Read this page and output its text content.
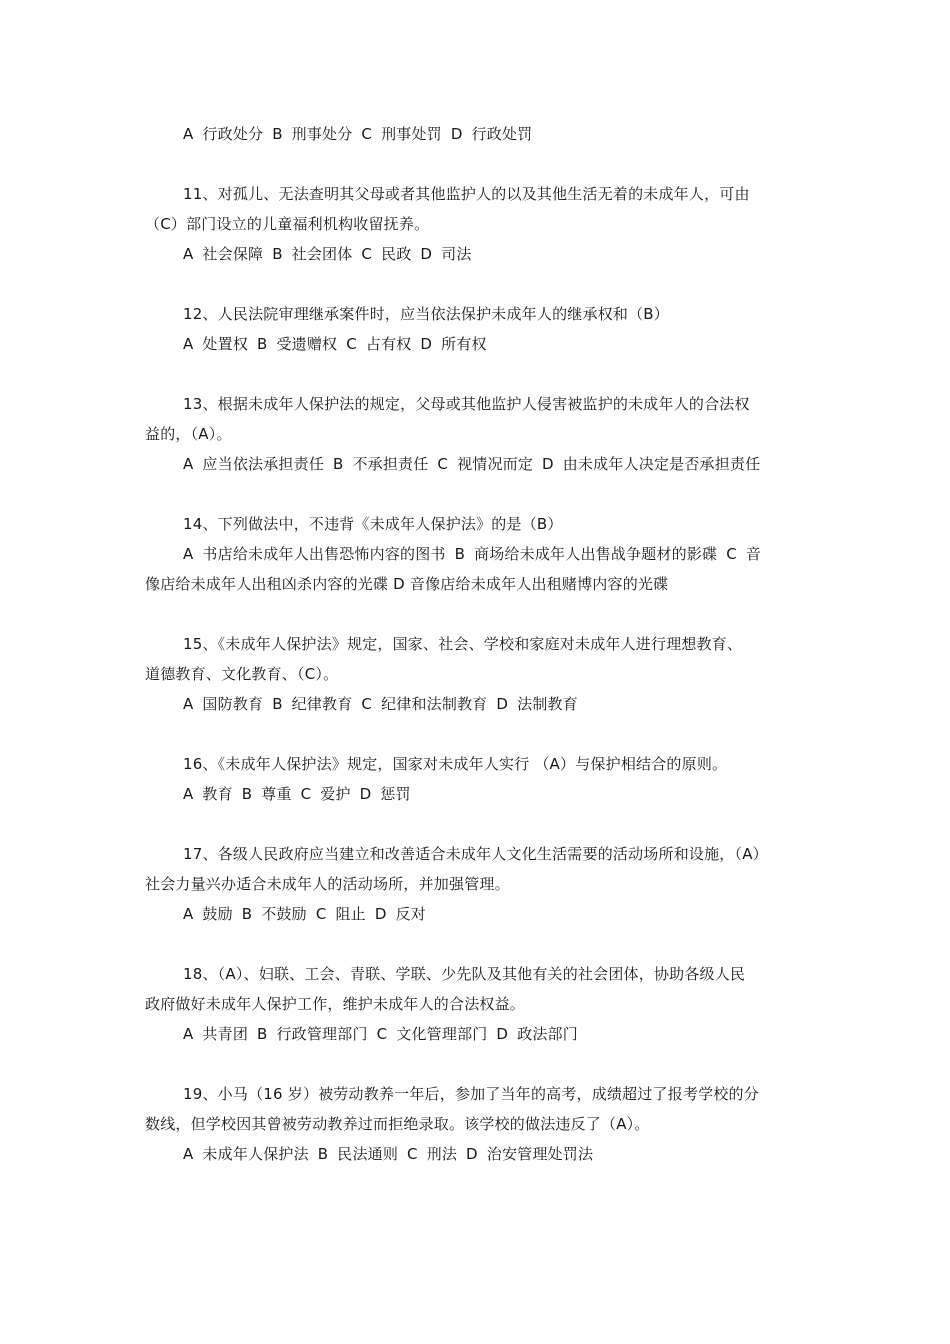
A 行政处分 B 刑事处分 C 刑事处罚 D 行政处罚
11、对孤儿、无法查明其父母或者其他监护人的以及其他生活无着的未成年人，可由
（C）部门设立的儿童福利机构收留抚养。
A 社会保障 B 社会团体 C 民政 D 司法
12、人民法院审理继承案件时，应当依法保护未成年人的继承权和（B）
A 处置权 B 受遗赠权 C 占有权 D 所有权
13、根据未成年人保护法的规定，父母或其他监护人侵害被监护的未成年人的合法权
益的，（A）。
A 应当依法承担责任 B 不承担责任 C 视情况而定 D 由未成年人决定是否承担责任
14、下列做法中，不违背《未成年人保护法》的是（B）
A 书店给未成年人出售恐怖内容的图书 B 商场给未成年人出售战争题材的影碟 C 音
像店给未成年人出租凶杀内容的光碟 D 音像店给未成年人出租赌博内容的光碟
15、《未成年人保护法》规定，国家、社会、学校和家庭对未成年人进行理想教育、
道德教育、文化教育、（C）。
A 国防教育 B 纪律教育 C 纪律和法制教育 D 法制教育
16、《未成年人保护法》规定，国家对未成年人实行 （A）与保护相结合的原则。
A 教育 B 尊重 C 爱护 D 惩罚
17、各级人民政府应当建立和改善适合未成年人文化生活需要的活动场所和设施，（A）
社会力量兴办适合未成年人的活动场所，并加强管理。
A 鼓励 B 不鼓励 C 阻止 D 反对
18、（A）、妇联、工会、青联、学联、少先队及其他有关的社会团体，协助各级人民
政府做好未成年人保护工作，维护未成年人的合法权益。
A 共青团 B 行政管理部门 C 文化管理部门 D 政法部门
19、小马（16 岁）被劳动教养一年后，参加了当年的高考，成绩超过了报考学校的分
数线，但学校因其曾被劳动教养过而拒绝录取。该学校的做法违反了（A）。
A 未成年人保护法 B 民法通则 C 刑法 D 治安管理处罚法
